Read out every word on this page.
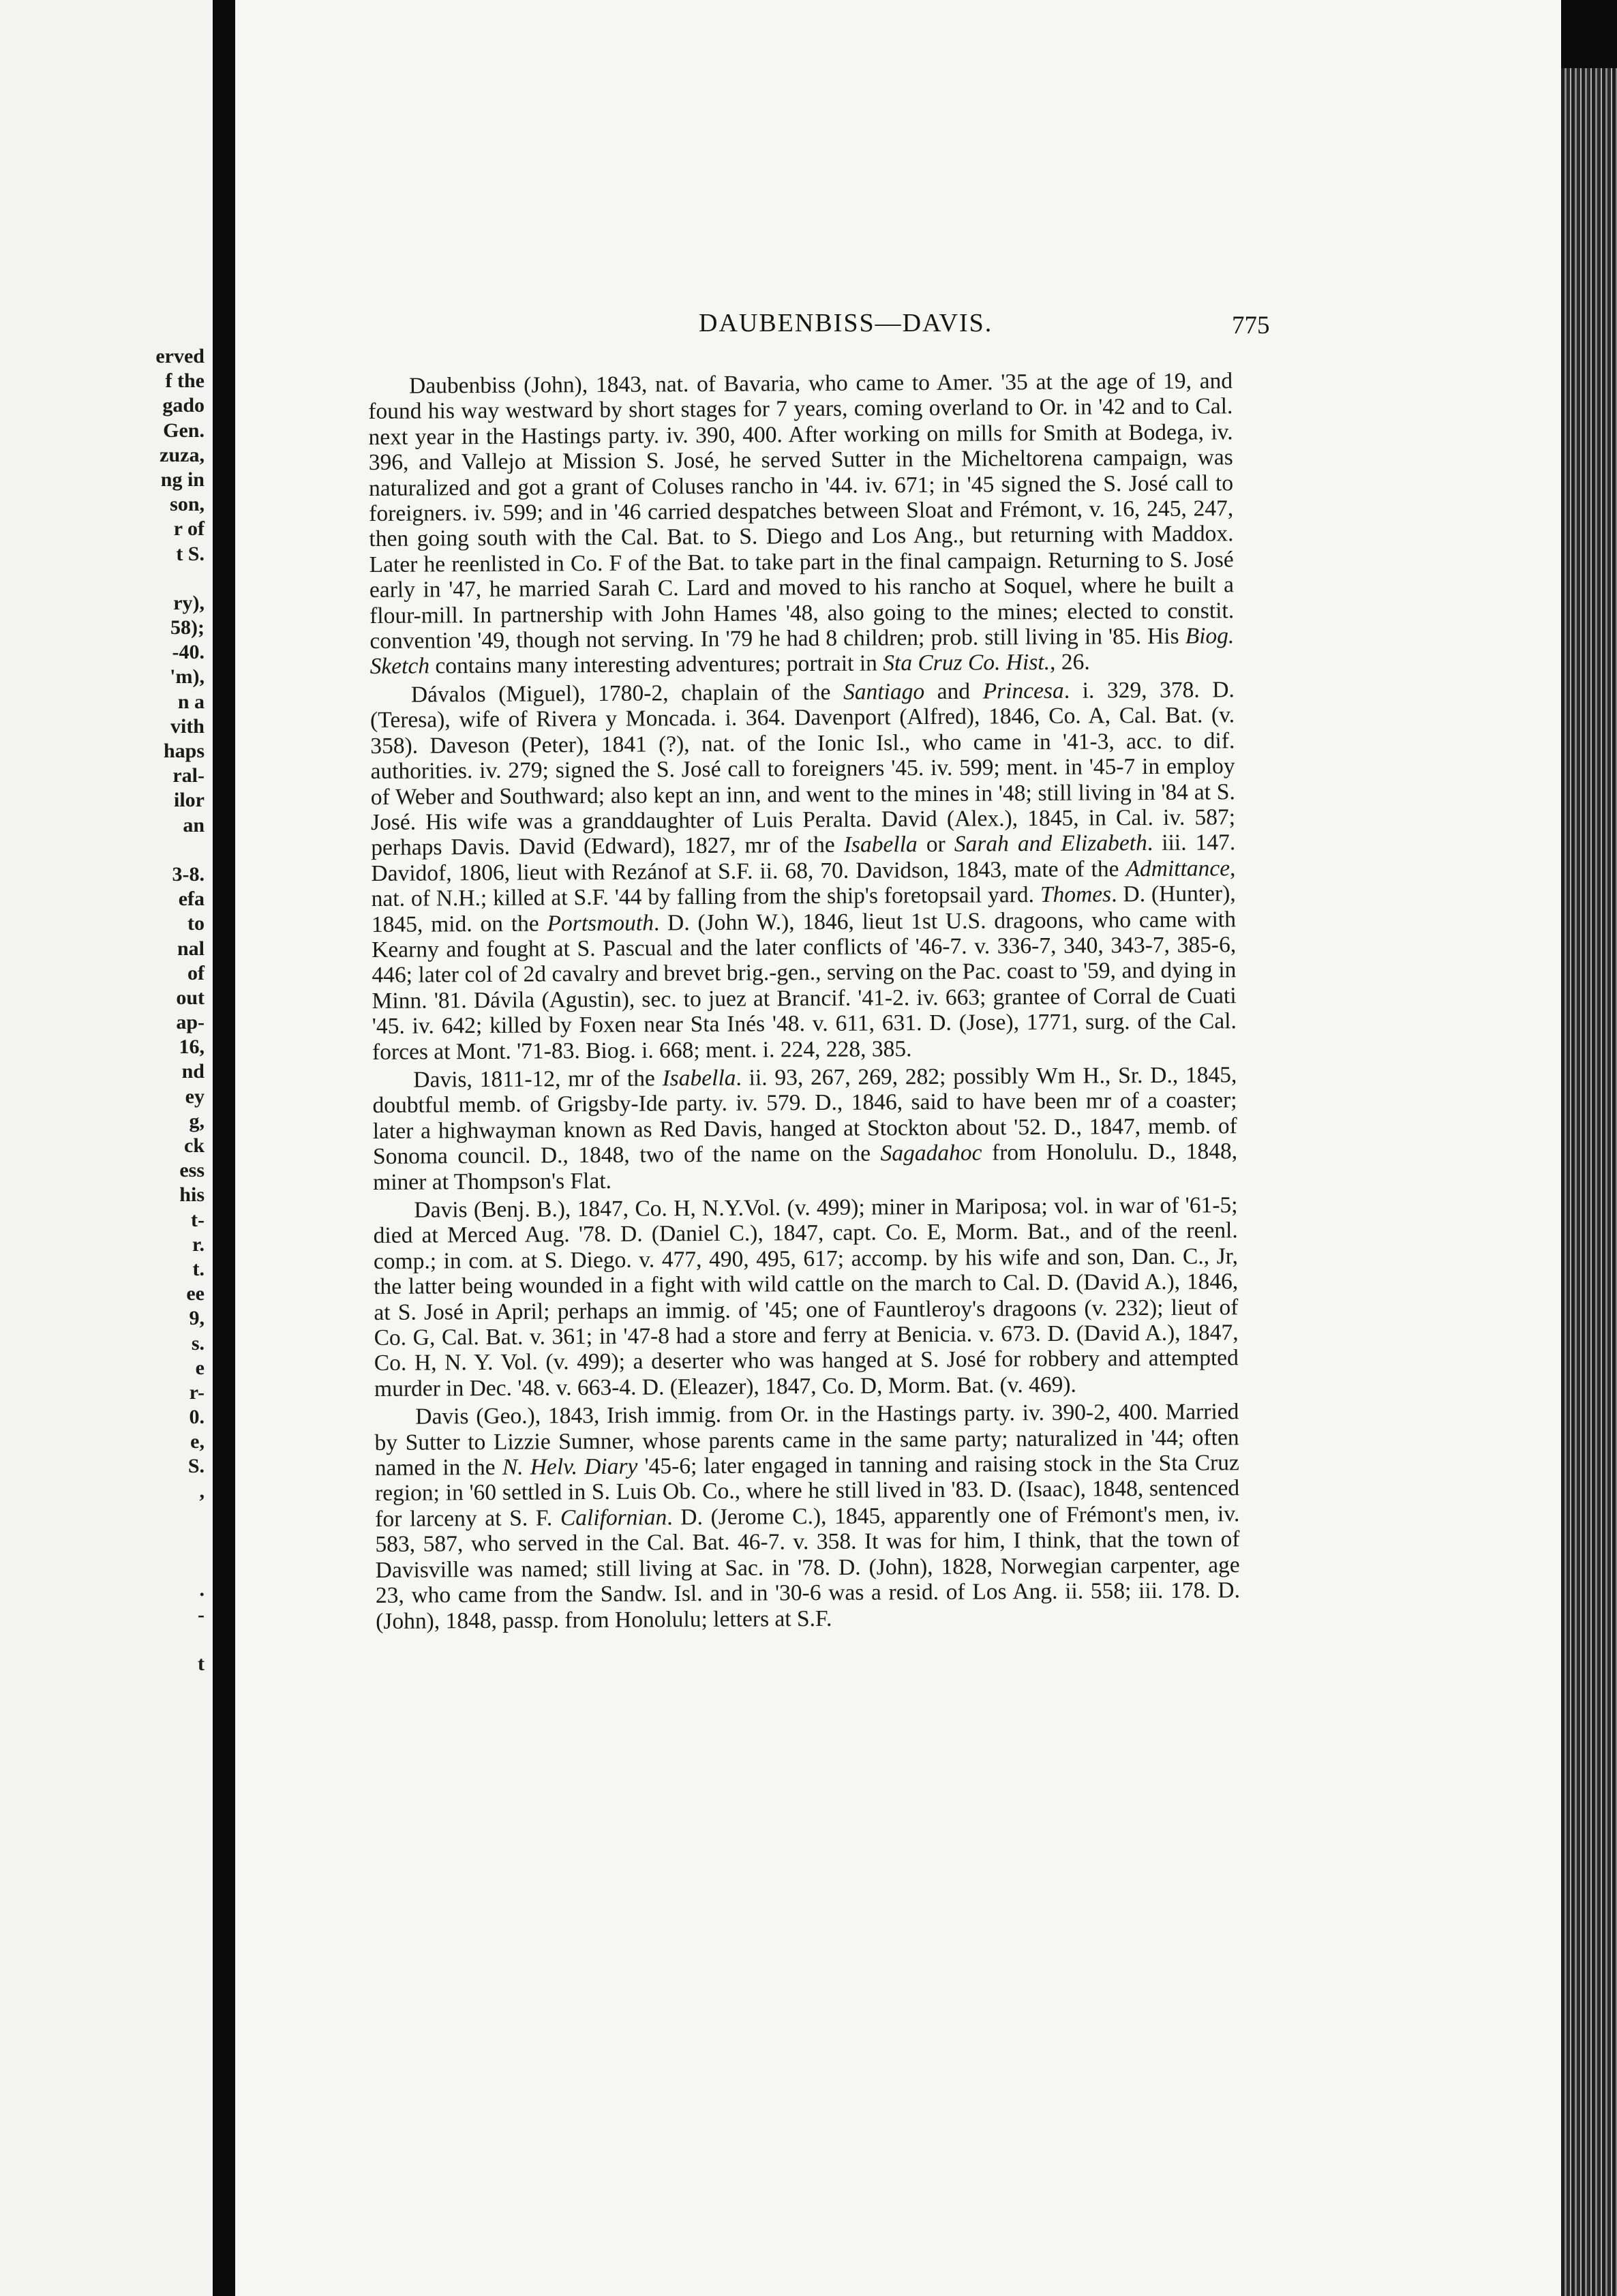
erved
f the
gado
Gen.
zuza,
ng in
son,
r of
t S.
ry),
58);
-40.
'm),
n a
vith
haps
ral-
ilor
an
3-8.
efa
to
nal
of
out
ap-
16,
nd
ey
g,
ck
ess
his
t-
r.
t.
ee
9,
s.
e
r-
0.
e,
S.
,
.
-
t
DAUBENBISS—DAVIS.	775

Daubenbiss (John), 1843, nat. of Bavaria, who came to Amer. '35 at the age of 19, and found his way westward by short stages for 7 years, coming overland to Or. in '42 and to Cal. next year in the Hastings party. iv. 390, 400. After working on mills for Smith at Bodega, iv. 396, and Vallejo at Mission S. José, he served Sutter in the Micheltorena campaign, was naturalized and got a grant of Coluses rancho in '44. iv. 671; in '45 signed the S. José call to foreigners. iv. 599; and in '46 carried despatches between Sloat and Frémont, v. 16, 245, 247, then going south with the Cal. Bat. to S. Diego and Los Ang., but returning with Maddox. Later he reenlisted in Co. F of the Bat. to take part in the final campaign. Returning to S. José early in '47, he married Sarah C. Lard and moved to his rancho at Soquel, where he built a flour-mill. In partnership with John Hames '48, also going to the mines; elected to constit. convention '49, though not serving. In '79 he had 8 children; prob. still living in '85. His Biog. Sketch contains many interesting adventures; portrait in Sta Cruz Co. Hist., 26.

Dávalos (Miguel), 1780-2, chaplain of the Santiago and Princesa. i. 329, 378. D. (Teresa), wife of Rivera y Moncada. i. 364. Davenport (Alfred), 1846, Co. A, Cal. Bat. (v. 358). Daveson (Peter), 1841 (?), nat. of the Ionic Isl., who came in '41-3, acc. to dif. authorities. iv. 279; signed the S. José call to foreigners '45. iv. 599; ment. in '45-7 in employ of Weber and Southward; also kept an inn, and went to the mines in '48; still living in '84 at S. José. His wife was a granddaughter of Luis Peralta. David (Alex.), 1845, in Cal. iv. 587; perhaps Davis. David (Edward), 1827, mr of the Isabella or Sarah and Elizabeth. iii. 147. Davidof, 1806, lieut with Rezánof at S.F. ii. 68, 70. Davidson, 1843, mate of the Admittance, nat. of N.H.; killed at S.F. '44 by falling from the ship's foretopsail yard. Thomes. D. (Hunter), 1845, mid. on the Portsmouth. D. (John W.), 1846, lieut 1st U.S. dragoons, who came with Kearny and fought at S. Pascual and the later conflicts of '46-7. v. 336-7, 340, 343-7, 385-6, 446; later col of 2d cavalry and brevet brig.-gen., serving on the Pac. coast to '59, and dying in Minn. '81. Dávila (Agustin), sec. to juez at Brancif. '41-2. iv. 663; grantee of Corral de Cuati '45. iv. 642; killed by Foxen near Sta Inés '48. v. 611, 631. D. (Jose), 1771, surg. of the Cal. forces at Mont. '71-83. Biog. i. 668; ment. i. 224, 228, 385.

Davis, 1811-12, mr of the Isabella. ii. 93, 267, 269, 282; possibly Wm H., Sr. D., 1845, doubtful memb. of Grigsby-Ide party. iv. 579. D., 1846, said to have been mr of a coaster; later a highwayman known as Red Davis, hanged at Stockton about '52. D., 1847, memb. of Sonoma council. D., 1848, two of the name on the Sagadahoc from Honolulu. D., 1848, miner at Thompson's Flat.

Davis (Benj. B.), 1847, Co. H, N.Y.Vol. (v. 499); miner in Mariposa; vol. in war of '61-5; died at Merced Aug. '78. D. (Daniel C.), 1847, capt. Co. E, Morm. Bat., and of the reenl. comp.; in com. at S. Diego. v. 477, 490, 495, 617; accomp. by his wife and son, Dan. C., Jr, the latter being wounded in a fight with wild cattle on the march to Cal. D. (David A.), 1846, at S. José in April; perhaps an immig. of '45; one of Fauntleroy's dragoons (v. 232); lieut of Co. G, Cal. Bat. v. 361; in '47-8 had a store and ferry at Benicia. v. 673. D. (David A.), 1847, Co. H, N. Y. Vol. (v. 499); a deserter who was hanged at S. José for robbery and attempted murder in Dec. '48. v. 663-4. D. (Eleazer), 1847, Co. D, Morm. Bat. (v. 469).

Davis (Geo.), 1843, Irish immig. from Or. in the Hastings party. iv. 390-2, 400. Married by Sutter to Lizzie Sumner, whose parents came in the same party; naturalized in '44; often named in the N. Helv. Diary '45-6; later engaged in tanning and raising stock in the Sta Cruz region; in '60 settled in S. Luis Ob. Co., where he still lived in '83. D. (Isaac), 1848, sentenced for larceny at S. F. Californian. D. (Jerome C.), 1845, apparently one of Frémont's men, iv. 583, 587, who served in the Cal. Bat. 46-7. v. 358. It was for him, I think, that the town of Davisville was named; still living at Sac. in '78. D. (John), 1828, Norwegian carpenter, age 23, who came from the Sandw. Isl. and in '30-6 was a resid. of Los Ang. ii. 558; iii. 178. D. (John), 1848, passp. from Honolulu; letters at S.F.
